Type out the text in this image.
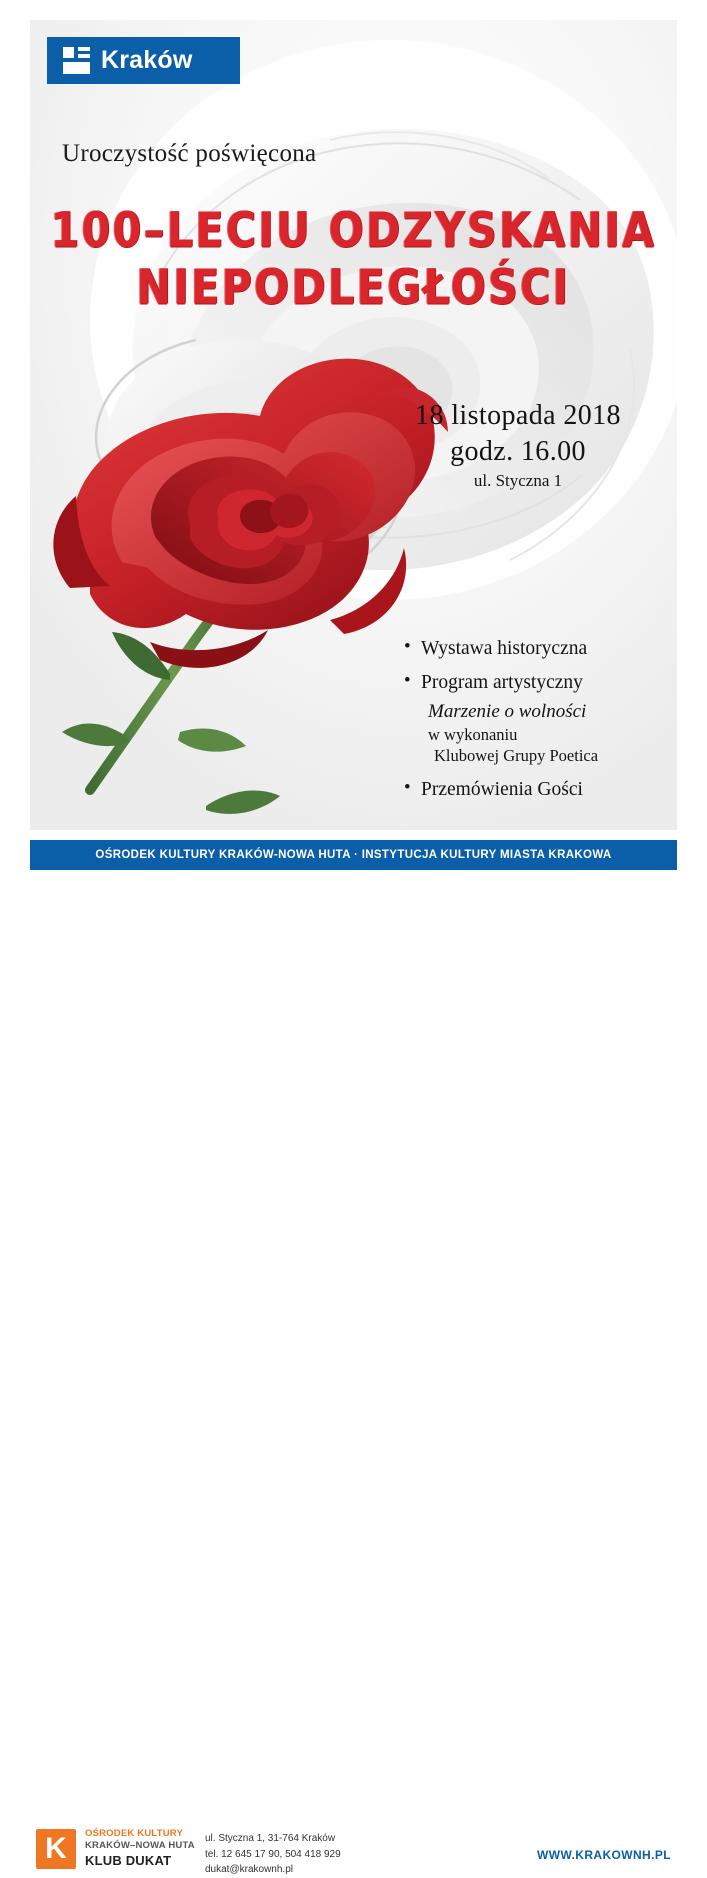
Kraków
Uroczystość poświęcona
100–LECIU ODZYSKANIA
NIEPODLEGŁOŚCI
18 listopada 2018
godz. 16.00
ul. Styczna 1
• Wystawa historyczna
• Program artystyczny
Marzenie o wolności
w wykonaniu
Klubowej Grupy Poetica
• Przemówienia Gości
OŚRODEK KULTURY KRAKÓW-NOWA HUTA · INSTYTUCJA KULTURY MIASTA KRAKOWA
K	OŚRODEK KULTURY
KRAKÓW–NOWA HUTA
KLUB DUKAT
ul. Styczna 1, 31-764 Kraków
tel. 12 645 17 90, 504 418 929
dukat@krakownh.pl
WWW.KRAKOWNH.PL
